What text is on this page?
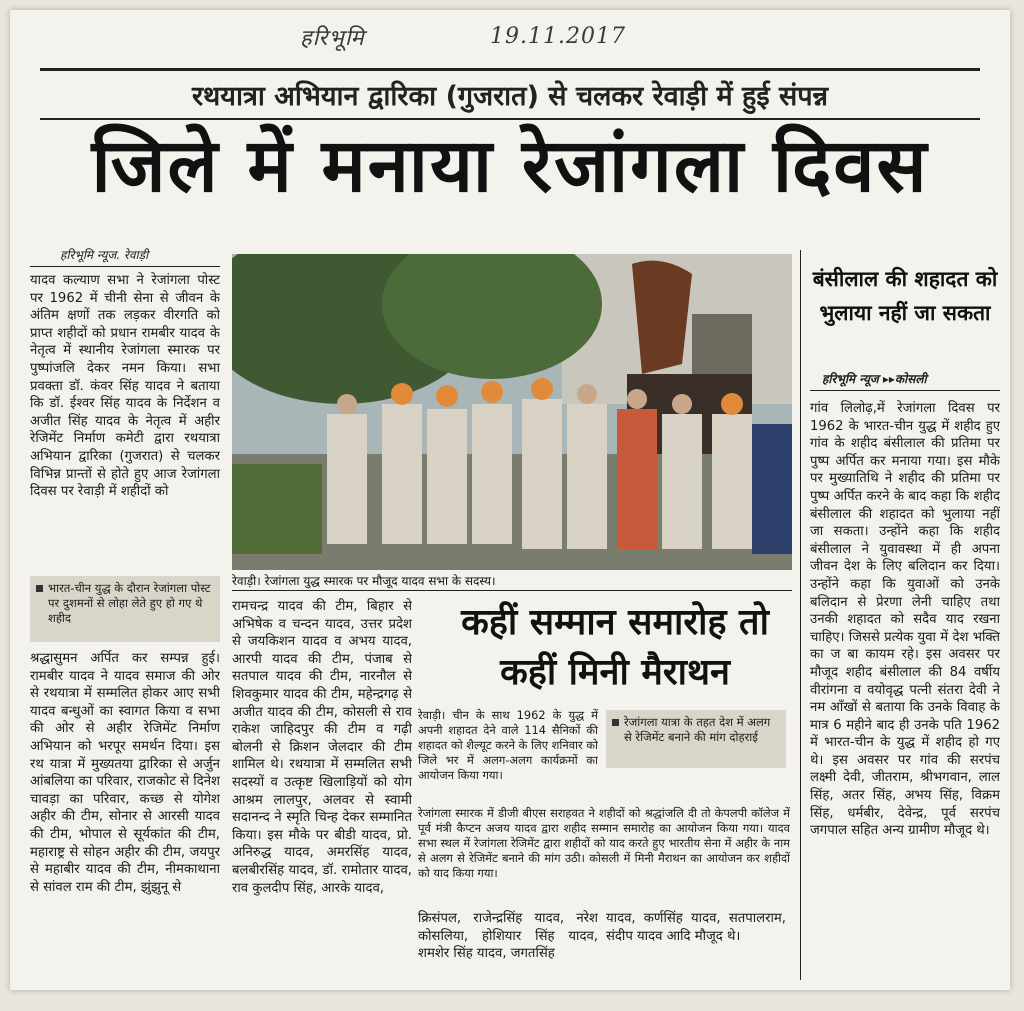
हरिभूमि	19.11.2017
रथयात्रा अभियान द्वारिका (गुजरात) से चलकर रेवाड़ी में हुई संपन्न
जिले में मनाया रेजांगला दिवस
हरिभूमि न्यूज. रेवाड़ी
यादव कल्याण सभा ने रेजांगला पोस्ट पर 1962 में चीनी सेना से जीवन के अंतिम क्षणों तक लड़कर वीरगति को प्राप्त शहीदों को प्रधान रामबीर यादव के नेतृत्व में स्थानीय रेजांगला स्मारक पर पुष्पांजलि देकर नमन किया। सभा प्रवक्ता डॉ. कंवर सिंह यादव ने बताया कि डॉ. ईश्वर सिंह यादव के निर्देशन व अजीत सिंह यादव के नेतृत्व में अहीर रेजिमेंट निर्माण कमेटी द्वारा रथयात्रा अभियान द्वारिका (गुजरात) से चलकर विभिन्न प्रान्तों से होते हुए आज रेजांगला दिवस पर रेवाड़ी में शहीदों को
भारत-चीन युद्ध के दौरान रेजांगला पोस्ट पर दुशमनों से लोहा लेते हुए हो गए थे शहीद
श्रद्धासुमन अर्पित कर सम्पन्न हुई। रामबीर यादव ने यादव समाज की ओर से रथयात्रा में सम्मलित होकर आए सभी यादव बन्धुओं का स्वागत किया व सभा की ओर से अहीर रेजिमेंट निर्माण अभियान को भरपूर समर्थन दिया। इस रथ यात्रा में मुख्यतया द्वारिका से अर्जुन आंबलिया का परिवार, राजकोट से दिनेश चावड़ा का परिवार, कच्छ से योगेश अहीर की टीम, सोनार से आरसी यादव की टीम, भोपाल से सूर्यकांत की टीम, महाराष्ट्र से सोहन अहीर की टीम, जयपुर से महाबीर यादव की टीम, नीमकाथाना से सांवल राम की टीम, झुंझुनू से
रेवाड़ी। रेजांगला युद्ध स्मारक पर मौजूद यादव सभा के सदस्य।
रामचन्द्र यादव की टीम, बिहार से अभिषेक व चन्दन यादव, उत्तर प्रदेश से जयकिशन यादव व अभय यादव, आरपी यादव की टीम, पंजाब से सतपाल यादव की टीम, नारनौल से शिवकुमार यादव की टीम, महेन्द्रगढ़ से अजीत यादव की टीम, कोसली से राव राकेश जाहिदपुर की टीम व गढ़ी बोलनी से क्रिशन जेलदार की टीम शामिल थे। रथयात्रा में सम्मलित सभी सदस्यों व उत्कृष्ट खिलाड़ियों को योग आश्रम लालपुर, अलवर से स्वामी सदानन्द ने स्मृति चिन्ह देकर सम्मानित किया। इस मौके पर बीडी यादव, प्रो. अनिरुद्ध यादव, अमरसिंह यादव, बलबीरसिंह यादव, डॉ. रामोतार यादव, राव कुलदीप सिंह, आरके यादव,
कहीं सम्मान समारोह तो कहीं मिनी मैराथन
रेवाड़ी। चीन के साथ 1962 के युद्ध में अपनी शहादत देने वाले 114 सैनिकों की शहादत को शैल्यूट करने के लिए शनिवार को जिले भर में अलग-अलग कार्यक्रमों का आयोजन किया गया।
रेजांगला यात्रा के तहत देश में अलग से रेजिमेंट बनाने की मांग दोहराई
रेजांगला स्मारक में डीजी बीएस सराहवत ने शहीदों को श्रद्धांजलि दी तो केपलपी कॉलेज में पूर्व मंत्री कैप्टन अजय यादव द्वारा शहीद सम्मान समारोह का आयोजन किया गया। यादव सभा स्थल में रेजांगला रेजिमेंट द्वारा शहीदों को याद करते हुए भारतीय सेना में अहीर के नाम से अलग से रेजिमेंट बनाने की मांग उठी। कोसली में मिनी मैराथन का आयोजन कर शहीदों को याद किया गया।
क्रिसंपल, राजेन्द्रसिंह यादव, नरेश कोसलिया, होशियार सिंह यादव, शमशेर सिंह यादव, जगतसिंह
यादव, कर्णसिंह यादव, सतपालराम, संदीप यादव आदि मौजूद थे।
बंसीलाल की शहादत को भुलाया नहीं जा सकता
हरिभूमि न्यूज ▸▸कोसली
गांव लिलोढ़,में रेजांगला दिवस पर 1962 के भारत-चीन युद्ध में शहीद हुए गांव के शहीद बंसीलाल की प्रतिमा पर पुष्प अर्पित कर मनाया गया। इस मौके पर मुख्यातिथि ने शहीद की प्रतिमा पर पुष्प अर्पित करने के बाद कहा कि शहीद बंसीलाल की शहादत को भुलाया नहीं जा सकता। उन्होंने कहा कि शहीद बंसीलाल ने युवावस्था में ही अपना जीवन देश के लिए बलिदान कर दिया। उन्होंने कहा कि युवाओं को उनके बलिदान से प्रेरणा लेनी चाहिए तथा उनकी शहादत को सदैव याद रखना चाहिए। जिससे प्रत्येक युवा में देश भक्ति का ज बा कायम रहे। इस अवसर पर मौजूद शहीद बंसीलाल की 84 वर्षीय वीरांगना व वयोवृद्ध पत्नी संतरा देवी ने नम आँखों से बताया कि उनके विवाह के मात्र 6 महीने बाद ही उनके पति 1962 में भारत-चीन के युद्ध में शहीद हो गए थे। इस अवसर पर गांव की सरपंच लक्ष्मी देवी, जीतराम, श्रीभगवान, लाल सिंह, अतर सिंह, अभय सिंह, विक्रम सिंह, धर्मबीर, देवेन्द्र, पूर्व सरपंच जगपाल सहित अन्य ग्रामीण मौजूद थे।
